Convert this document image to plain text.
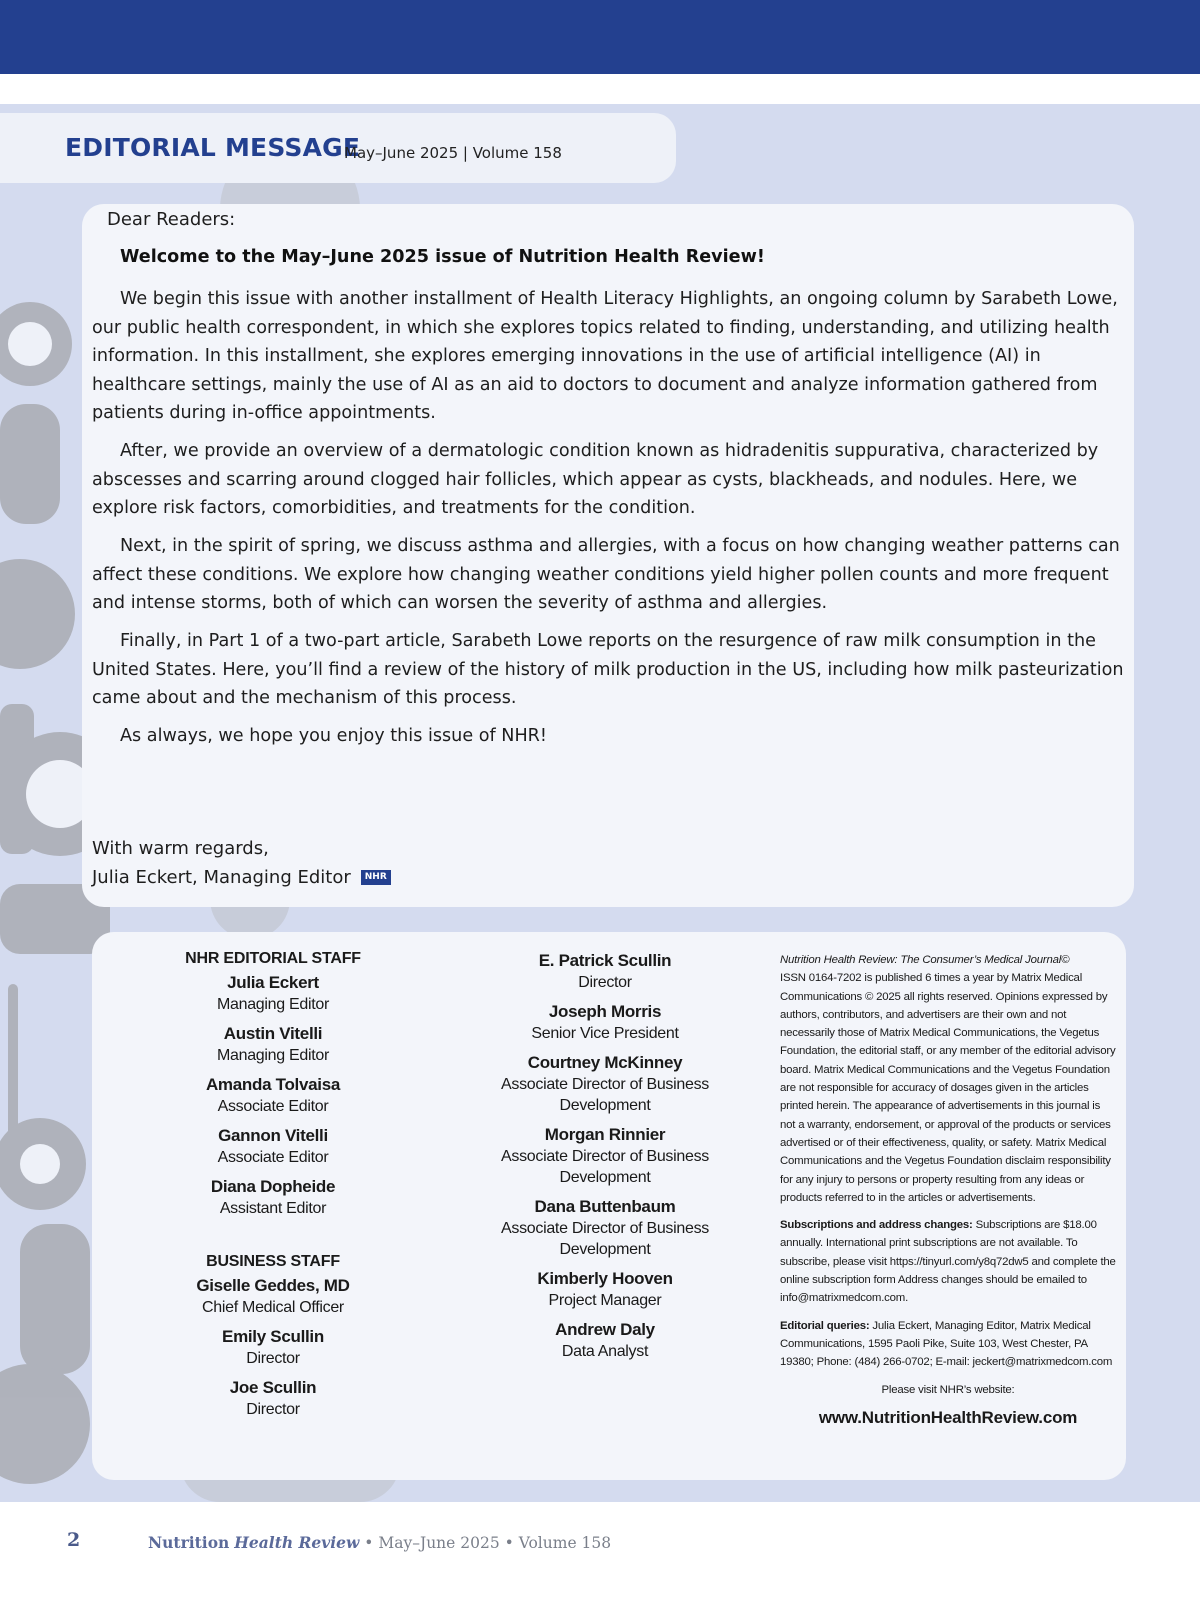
EDITORIAL MESSAGE
May–June 2025 | Volume 158
Dear Readers:
Welcome to the May–June 2025 issue of Nutrition Health Review!

We begin this issue with another installment of Health Literacy Highlights, an ongoing column by Sarabeth Lowe, our public health correspondent, in which she explores topics related to finding, understanding, and utilizing health information. In this installment, she explores emerging innovations in the use of artificial intelligence (AI) in healthcare settings, mainly the use of AI as an aid to doctors to document and analyze information gathered from patients during in-office appointments.

After, we provide an overview of a dermatologic condition known as hidradenitis suppurativa, characterized by abscesses and scarring around clogged hair follicles, which appear as cysts, blackheads, and nodules. Here, we explore risk factors, comorbidities, and treatments for the condition.

Next, in the spirit of spring, we discuss asthma and allergies, with a focus on how changing weather patterns can affect these conditions. We explore how changing weather conditions yield higher pollen counts and more frequent and intense storms, both of which can worsen the severity of asthma and allergies.

Finally, in Part 1 of a two-part article, Sarabeth Lowe reports on the resurgence of raw milk consumption in the United States. Here, you’ll find a review of the history of milk production in the US, including how milk pasteurization came about and the mechanism of this process.

As always, we hope you enjoy this issue of NHR!

With warm regards,
Julia Eckert, Managing Editor	NHR
NHR EDITORIAL STAFF
Julia Eckert
Managing Editor
Austin Vitelli
Managing Editor
Amanda Tolvaisa
Associate Editor
Gannon Vitelli
Associate Editor
Diana Dopheide
Assistant Editor
BUSINESS STAFF
Giselle Geddes, MD
Chief Medical Officer
Emily Scullin
Director
Joe Scullin
Director
E. Patrick Scullin
Director
Joseph Morris
Senior Vice President
Courtney McKinney
Associate Director of Business Development
Morgan Rinnier
Associate Director of Business Development
Dana Buttenbaum
Associate Director of Business Development
Kimberly Hooven
Project Manager
Andrew Daly
Data Analyst

Nutrition Health Review: The Consumer’s Medical Journal©
ISSN 0164-7202 is published 6 times a year by Matrix Medical Communications © 2025 all rights reserved. Opinions expressed by authors, contributors, and advertisers are their own and not necessarily those of Matrix Medical Communications, the Vegetus Foundation, the editorial staff, or any member of the editorial advisory board. Matrix Medical Communications and the Vegetus Foundation are not responsible for accuracy of dosages given in the articles printed herein. The appearance of advertisements in this journal is not a warranty, endorsement, or approval of the products or services advertised or of their effectiveness, quality, or safety. Matrix Medical Communications and the Vegetus Foundation disclaim responsibility for any injury to persons or property resulting from any ideas or products referred to in the articles or advertisements.

Subscriptions and address changes: Subscriptions are $18.00 annually. International print subscriptions are not available. To subscribe, please visit https://tinyurl.com/y8q72dw5 and complete the online subscription form Address changes should be emailed to info@matrixmedcom.com.

Editorial queries: Julia Eckert, Managing Editor, Matrix Medical Communications, 1595 Paoli Pike, Suite 103, West Chester, PA 19380; Phone: (484) 266-0702; E-mail: jeckert@matrixmedcom.com

Please visit NHR’s website:
www.NutritionHealthReview.com
2	Nutrition Health Review • May–June 2025 • Volume 158
